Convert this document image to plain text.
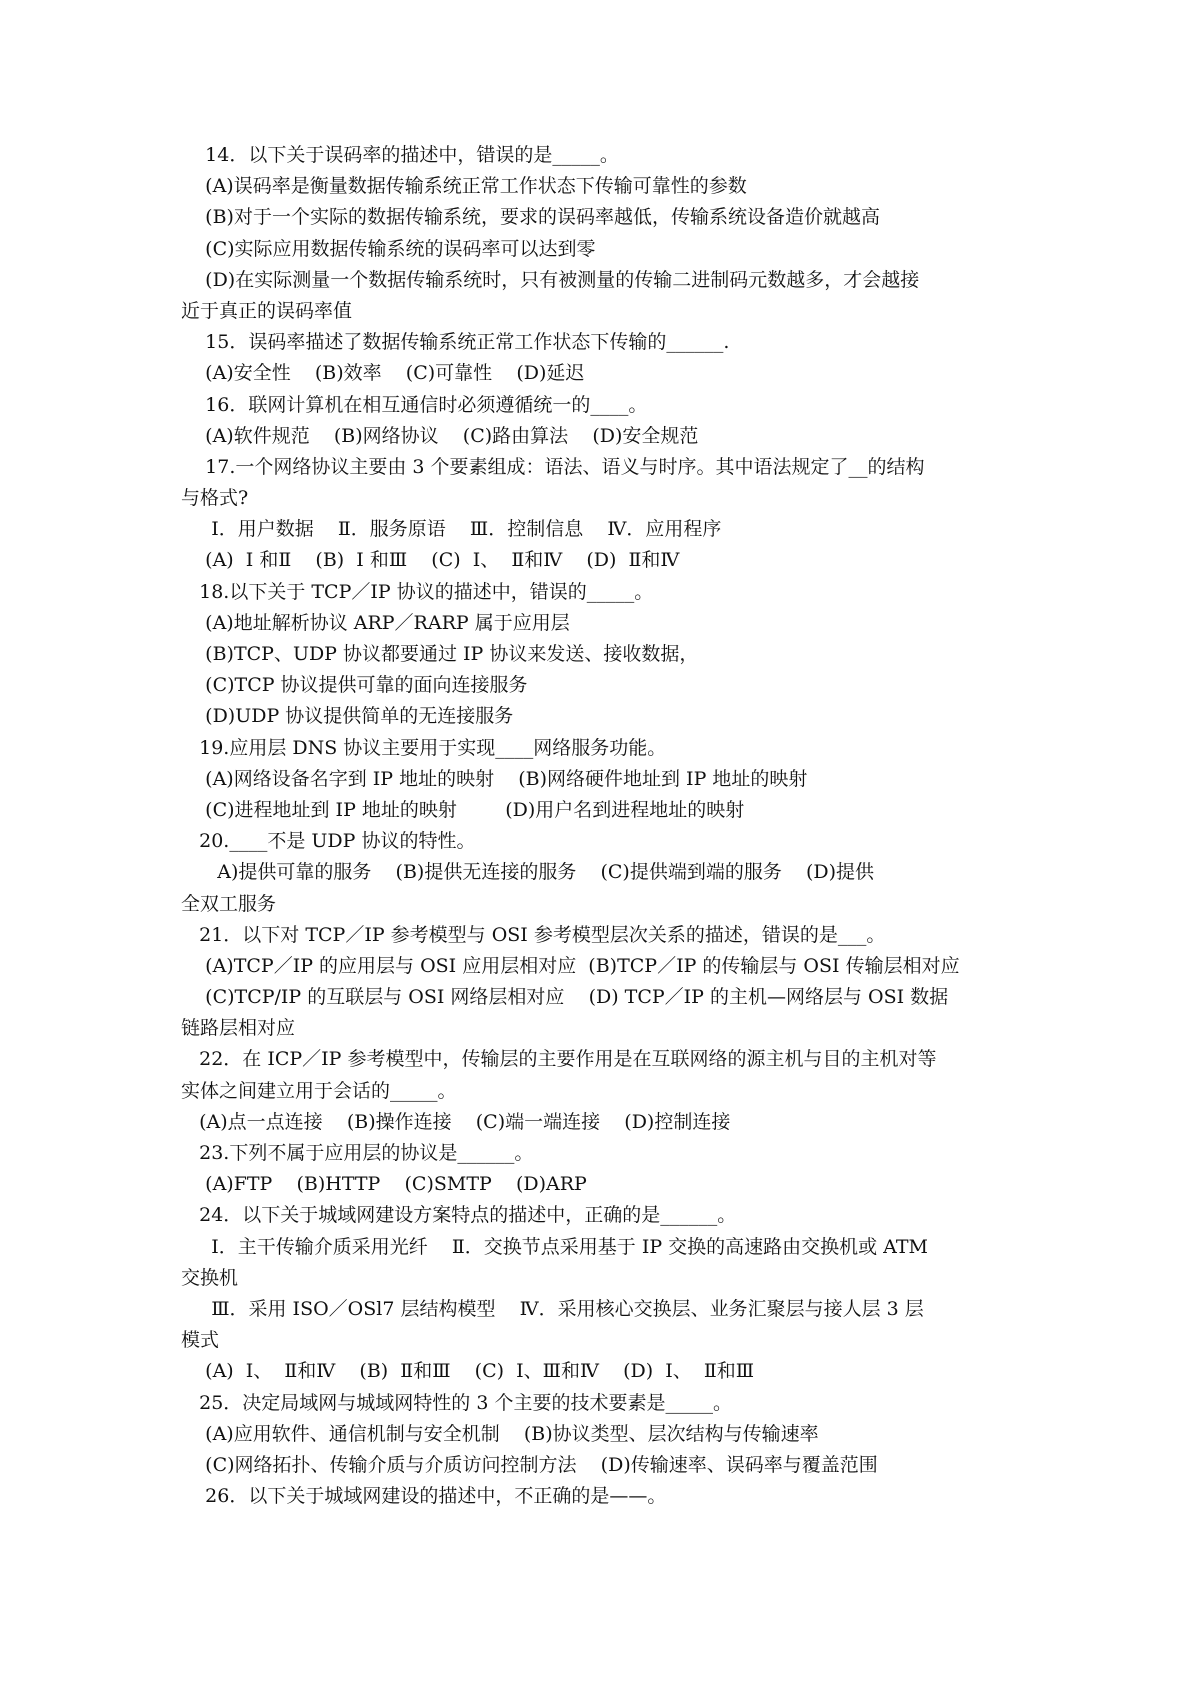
14．以下关于误码率的描述中，错误的是_____。
(A)误码率是衡量数据传输系统正常工作状态下传输可靠性的参数
(B)对于一个实际的数据传输系统，要求的误码率越低，传输系统设备造价就越高
(C)实际应用数据传输系统的误码率可以达到零
(D)在实际测量一个数据传输系统时，只有被测量的传输二进制码元数越多，才会越接
近于真正的误码率值
15．误码率描述了数据传输系统正常工作状态下传输的______.
(A)安全性    (B)效率    (C)可靠性    (D)延迟
16．联网计算机在相互通信时必须遵循统一的____。
(A)软件规范    (B)网络协议    (C)路由算法    (D)安全规范
17.一个网络协议主要由 3 个要素组成：语法、语义与时序。其中语法规定了__的结构
与格式?
I．用户数据    Ⅱ．服务原语    Ⅲ．控制信息    Ⅳ．应用程序
(A)  I 和Ⅱ    (B)  I 和Ⅲ    (C)  I、  Ⅱ和Ⅳ    (D)  Ⅱ和Ⅳ
18.以下关于 TCP／IP 协议的描述中，错误的_____。
(A)地址解析协议 ARP／RARP 属于应用层
(B)TCP、UDP 协议都要通过 IP 协议来发送、接收数据，
(C)TCP 协议提供可靠的面向连接服务
(D)UDP 协议提供简单的无连接服务
19.应用层 DNS 协议主要用于实现____网络服务功能。
(A)网络设备名字到 IP 地址的映射    (B)网络硬件地址到 IP 地址的映射
(C)进程地址到 IP 地址的映射        (D)用户名到进程地址的映射
20.____不是 UDP 协议的特性。
A)提供可靠的服务    (B)提供无连接的服务    (C)提供端到端的服务    (D)提供
全双工服务
21．以下对 TCP／IP 参考模型与 OSI 参考模型层次关系的描述，错误的是___。
(A)TCP／IP 的应用层与 OSI 应用层相对应  (B)TCP／IP 的传输层与 OSI 传输层相对应
(C)TCP/IP 的互联层与 OSI 网络层相对应    (D) TCP／IP 的主机—网络层与 OSI 数据
链路层相对应
22．在 ICP／IP 参考模型中，传输层的主要作用是在互联网络的源主机与目的主机对等
实体之间建立用于会话的_____。
(A)点一点连接    (B)操作连接    (C)端一端连接    (D)控制连接
23.下列不属于应用层的协议是______。
(A)FTP    (B)HTTP    (C)SMTP    (D)ARP
24．以下关于城域网建设方案特点的描述中，正确的是______。
I．主干传输介质采用光纤    Ⅱ．交换节点采用基于 IP 交换的高速路由交换机或 ATM
交换机
Ⅲ．采用 ISO／OSl7 层结构模型    Ⅳ．采用核心交换层、业务汇聚层与接人层 3 层
模式
(A)  I、  Ⅱ和Ⅳ    (B)  Ⅱ和Ⅲ    (C)  I、Ⅲ和Ⅳ    (D)  I、  Ⅱ和Ⅲ
25．决定局域网与城域网特性的 3 个主要的技术要素是_____。
(A)应用软件、通信机制与安全机制    (B)协议类型、层次结构与传输速率
(C)网络拓扑、传输介质与介质访问控制方法    (D)传输速率、误码率与覆盖范围
26．以下关于城域网建设的描述中，不正确的是——。
